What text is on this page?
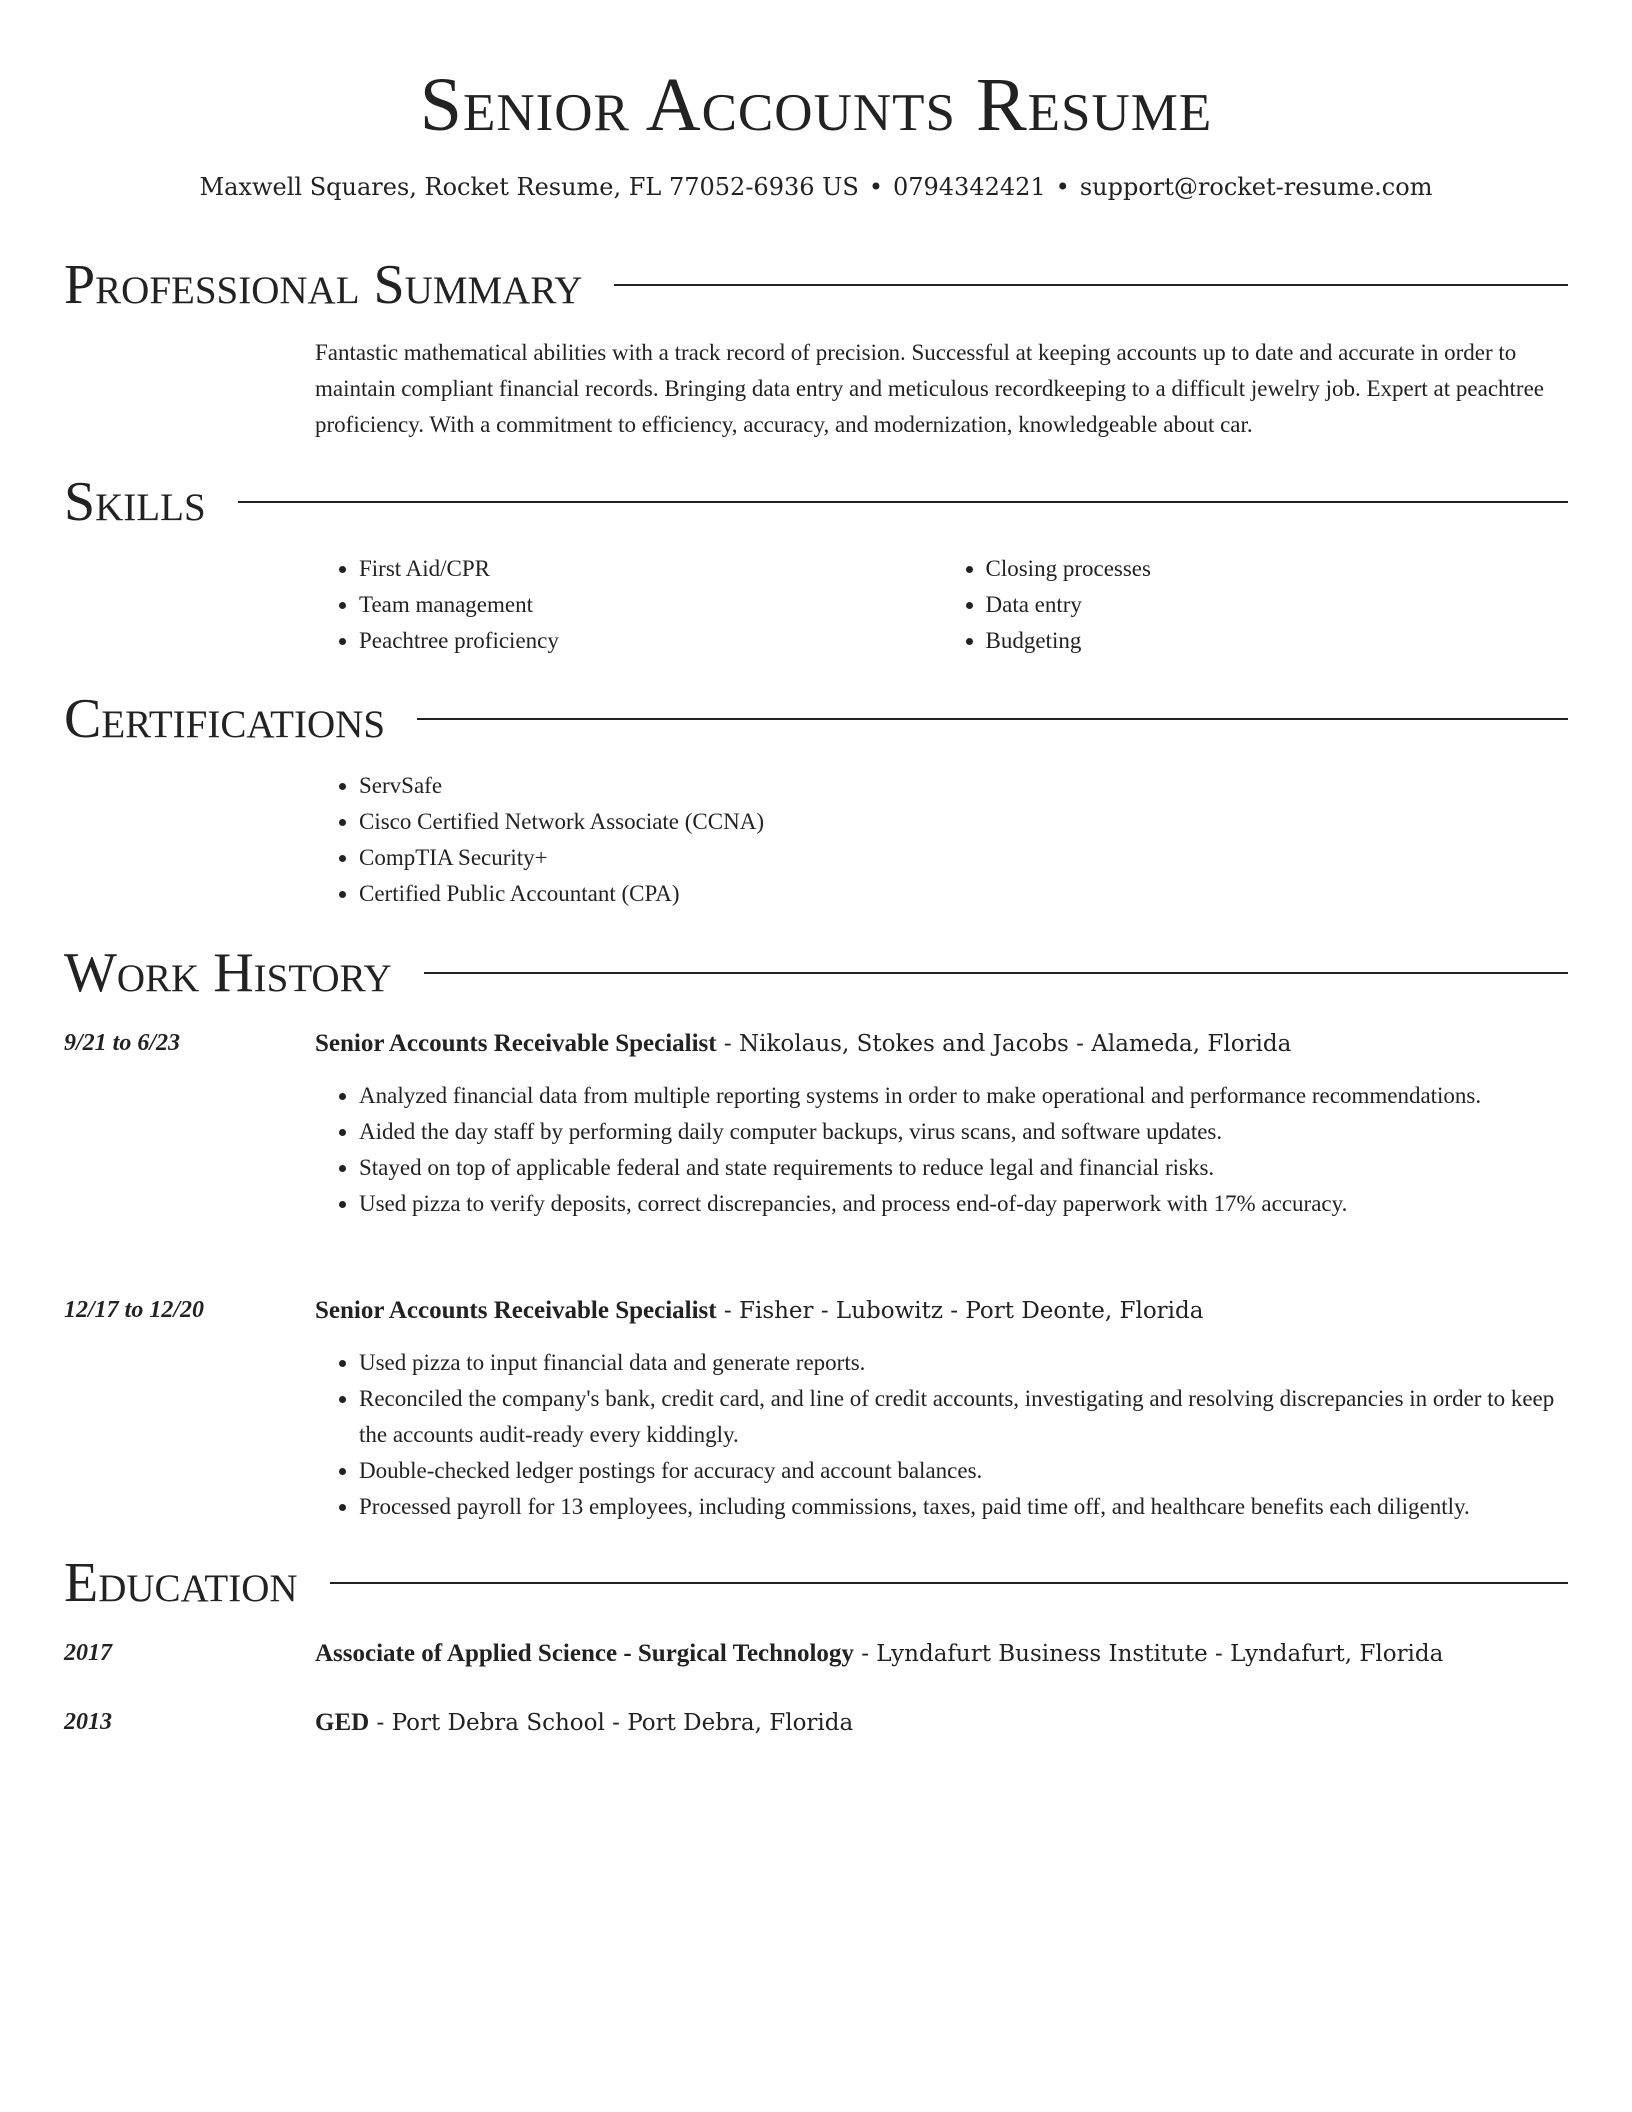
Senior Accounts Resume
Maxwell Squares, Rocket Resume, FL 77052-6936 US • 0794342421 • support@rocket-resume.com
Professional Summary

Fantastic mathematical abilities with a track record of precision. Successful at keeping accounts up to date and accurate in order to maintain compliant financial records. Bringing data entry and meticulous recordkeeping to a difficult jewelry job. Expert at peachtree proficiency. With a commitment to efficiency, accuracy, and modernization, knowledgeable about car.

Skills
• First Aid/CPR
• Team management
• Peachtree proficiency
• Closing processes
• Data entry
• Budgeting
Certifications
• ServSafe
• Cisco Certified Network Associate (CCNA)
• CompTIA Security+
• Certified Public Accountant (CPA)
Work History
9/21 to 6/23	Senior Accounts Receivable Specialist - Nikolaus, Stokes and Jacobs - Alameda, Florida

• Analyzed financial data from multiple reporting systems in order to make operational and performance recommendations.
• Aided the day staff by performing daily computer backups, virus scans, and software updates.
• Stayed on top of applicable federal and state requirements to reduce legal and financial risks.
• Used pizza to verify deposits, correct discrepancies, and process end-of-day paperwork with 17% accuracy.
12/17 to 12/20	Senior Accounts Receivable Specialist - Fisher - Lubowitz - Port Deonte, Florida

• Used pizza to input financial data and generate reports.
• Reconciled the company's bank, credit card, and line of credit accounts, investigating and resolving discrepancies in order to keep the accounts audit-ready every kiddingly.
• Double-checked ledger postings for accuracy and account balances.
• Processed payroll for 13 employees, including commissions, taxes, paid time off, and healthcare benefits each diligently.
Education
2017	Associate of Applied Science - Surgical Technology - Lyndafurt Business Institute - Lyndafurt, Florida

2013	GED - Port Debra School - Port Debra, Florida
